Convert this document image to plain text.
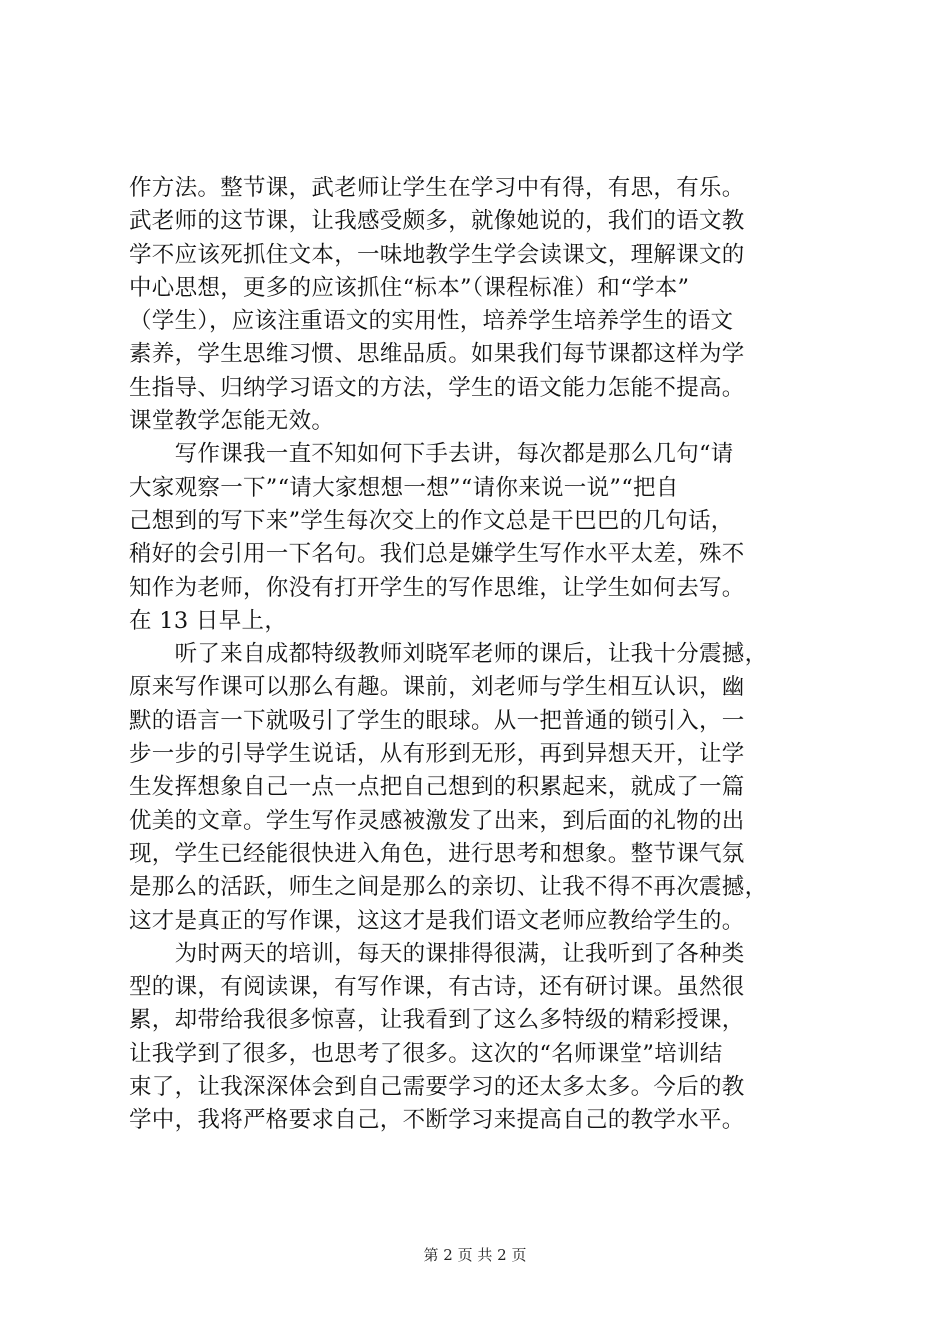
作方法。整节课，武老师让学生在学习中有得，有思，有乐。
武老师的这节课，让我感受颇多，就像她说的，我们的语文教
学不应该死抓住文本，一味地教学生学会读课文，理解课文的
中心思想，更多的应该抓住“标本”（课程标准）和“学本”
（学生），应该注重语文的实用性，培养学生培养学生的语文
素养，学生思维习惯、思维品质。如果我们每节课都这样为学
生指导、归纳学习语文的方法，学生的语文能力怎能不提高。
课堂教学怎能无效。
　　写作课我一直不知如何下手去讲，每次都是那么几句“请
大家观察一下”“请大家想想一想”“请你来说一说”“把自
己想到的写下来”学生每次交上的作文总是干巴巴的几句话，
稍好的会引用一下名句。我们总是嫌学生写作水平太差，殊不
知作为老师，你没有打开学生的写作思维，让学生如何去写。
在 13 日早上，
　　听了来自成都特级教师刘晓军老师的课后，让我十分震撼，
原来写作课可以那么有趣。课前，刘老师与学生相互认识，幽
默的语言一下就吸引了学生的眼球。从一把普通的锁引入，一
步一步的引导学生说话，从有形到无形，再到异想天开，让学
生发挥想象自己一点一点把自己想到的积累起来，就成了一篇
优美的文章。学生写作灵感被激发了出来，到后面的礼物的出
现，学生已经能很快进入角色，进行思考和想象。整节课气氛
是那么的活跃，师生之间是那么的亲切、让我不得不再次震撼，
这才是真正的写作课，这这才是我们语文老师应教给学生的。
　　为时两天的培训，每天的课排得很满，让我听到了各种类
型的课，有阅读课，有写作课，有古诗，还有研讨课。虽然很
累，却带给我很多惊喜，让我看到了这么多特级的精彩授课，
让我学到了很多，也思考了很多。这次的“名师课堂”培训结
束了，让我深深体会到自己需要学习的还太多太多。今后的教
学中，我将严格要求自己，不断学习来提高自己的教学水平。
第 2 页 共 2 页
